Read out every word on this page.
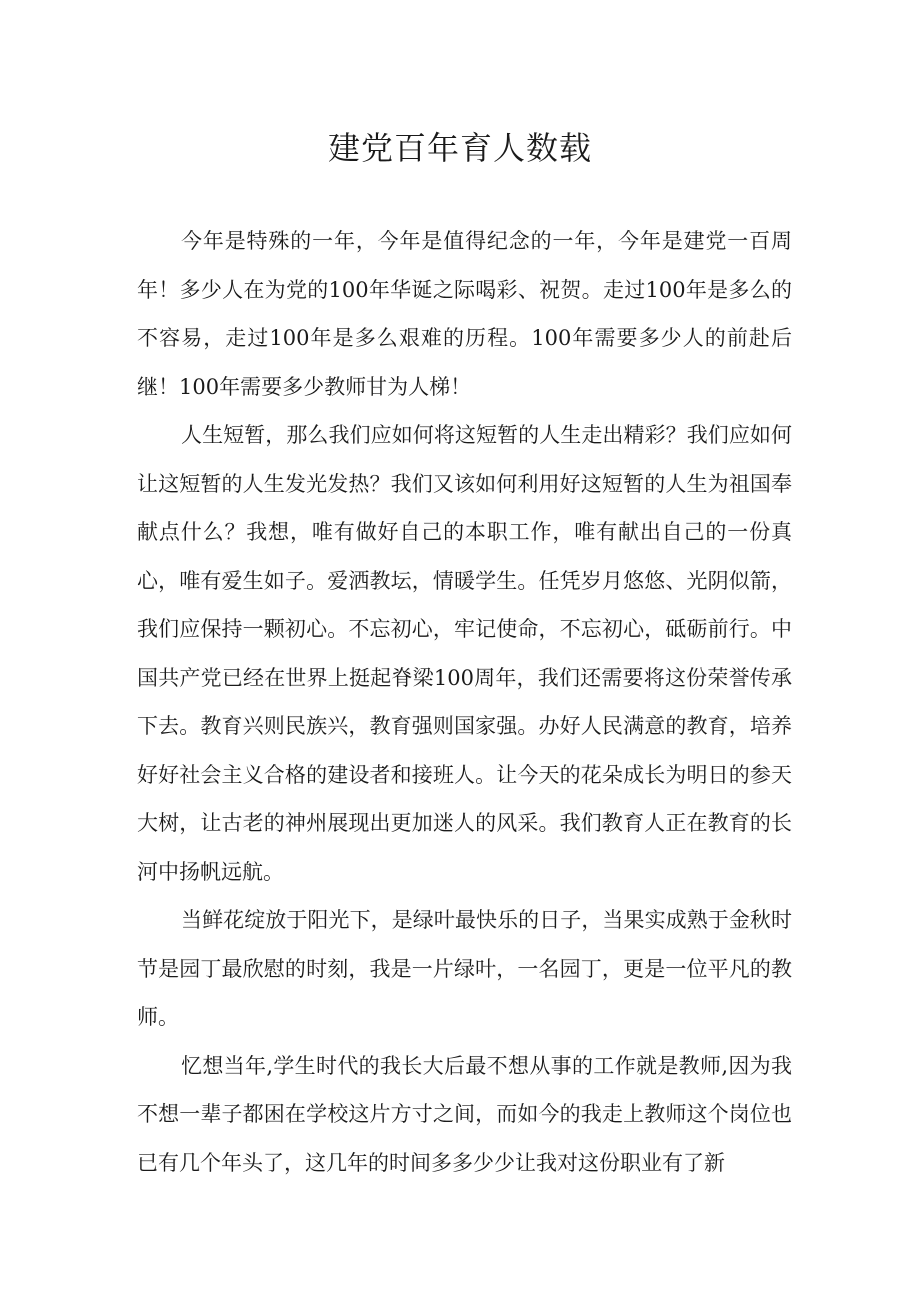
建党百年育人数载

今年是特殊的一年，今年是值得纪念的一年，今年是建党一百周年！多少人在为党的100年华诞之际喝彩、祝贺。走过100年是多么的不容易，走过100年是多么艰难的历程。100年需要多少人的前赴后继！100年需要多少教师甘为人梯！

人生短暂，那么我们应如何将这短暂的人生走出精彩？我们应如何让这短暂的人生发光发热？我们又该如何利用好这短暂的人生为祖国奉献点什么？我想，唯有做好自己的本职工作，唯有献出自己的一份真心，唯有爱生如子。爱洒教坛，情暖学生。任凭岁月悠悠、光阴似箭，我们应保持一颗初心。不忘初心，牢记使命，不忘初心，砥砺前行。中国共产党已经在世界上挺起脊梁100周年，我们还需要将这份荣誉传承下去。教育兴则民族兴，教育强则国家强。办好人民满意的教育，培养好好社会主义合格的建设者和接班人。让今天的花朵成长为明日的参天大树，让古老的神州展现出更加迷人的风采。我们教育人正在教育的长河中扬帆远航。

当鲜花绽放于阳光下，是绿叶最快乐的日子，当果实成熟于金秋时节是园丁最欣慰的时刻，我是一片绿叶，一名园丁，更是一位平凡的教师。

忆想当年,学生时代的我长大后最不想从事的工作就是教师,因为我不想一辈子都困在学校这片方寸之间，而如今的我走上教师这个岗位也已有几个年头了，这几年的时间多多少少让我对这份职业有了新
